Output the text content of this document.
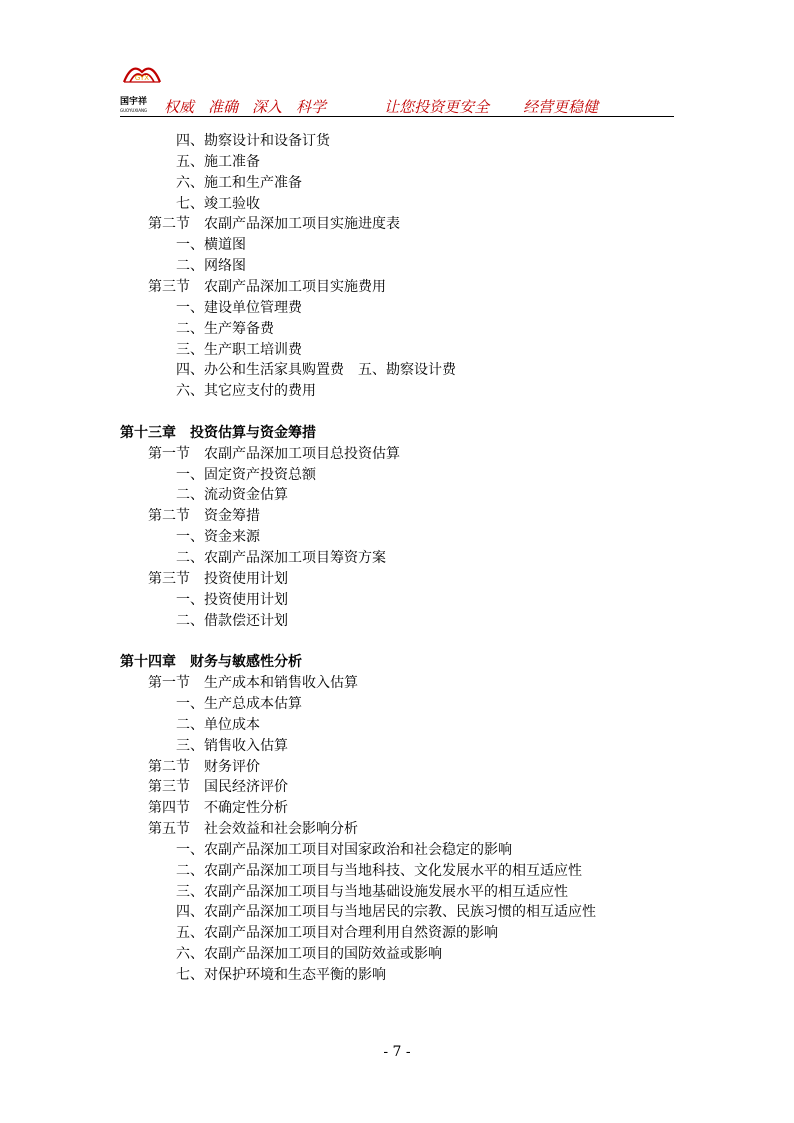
GYX
国宇祥
GUOYUXIANG 权威 准确 深入 科学	让您投资更安全 经营更稳健
四、勘察设计和设备订货
五、施工准备
六、施工和生产准备
七、竣工验收
第二节　农副产品深加工项目实施进度表
一、横道图
二、网络图
第三节　农副产品深加工项目实施费用
一、建设单位管理费
二、生产筹备费
三、生产职工培训费
四、办公和生活家具购置费　五、勘察设计费
六、其它应支付的费用
第十三章　投资估算与资金筹措
第一节　农副产品深加工项目总投资估算
一、固定资产投资总额
二、流动资金估算
第二节　资金筹措
一、资金来源
二、农副产品深加工项目筹资方案
第三节　投资使用计划
一、投资使用计划
二、借款偿还计划
第十四章　财务与敏感性分析
第一节　生产成本和销售收入估算
一、生产总成本估算
二、单位成本
三、销售收入估算
第二节　财务评价
第三节　国民经济评价
第四节　不确定性分析
第五节　社会效益和社会影响分析
一、农副产品深加工项目对国家政治和社会稳定的影响
二、农副产品深加工项目与当地科技、文化发展水平的相互适应性
三、农副产品深加工项目与当地基础设施发展水平的相互适应性
四、农副产品深加工项目与当地居民的宗教、民族习惯的相互适应性
五、农副产品深加工项目对合理利用自然资源的影响
六、农副产品深加工项目的国防效益或影响
七、对保护环境和生态平衡的影响
- 7 -
